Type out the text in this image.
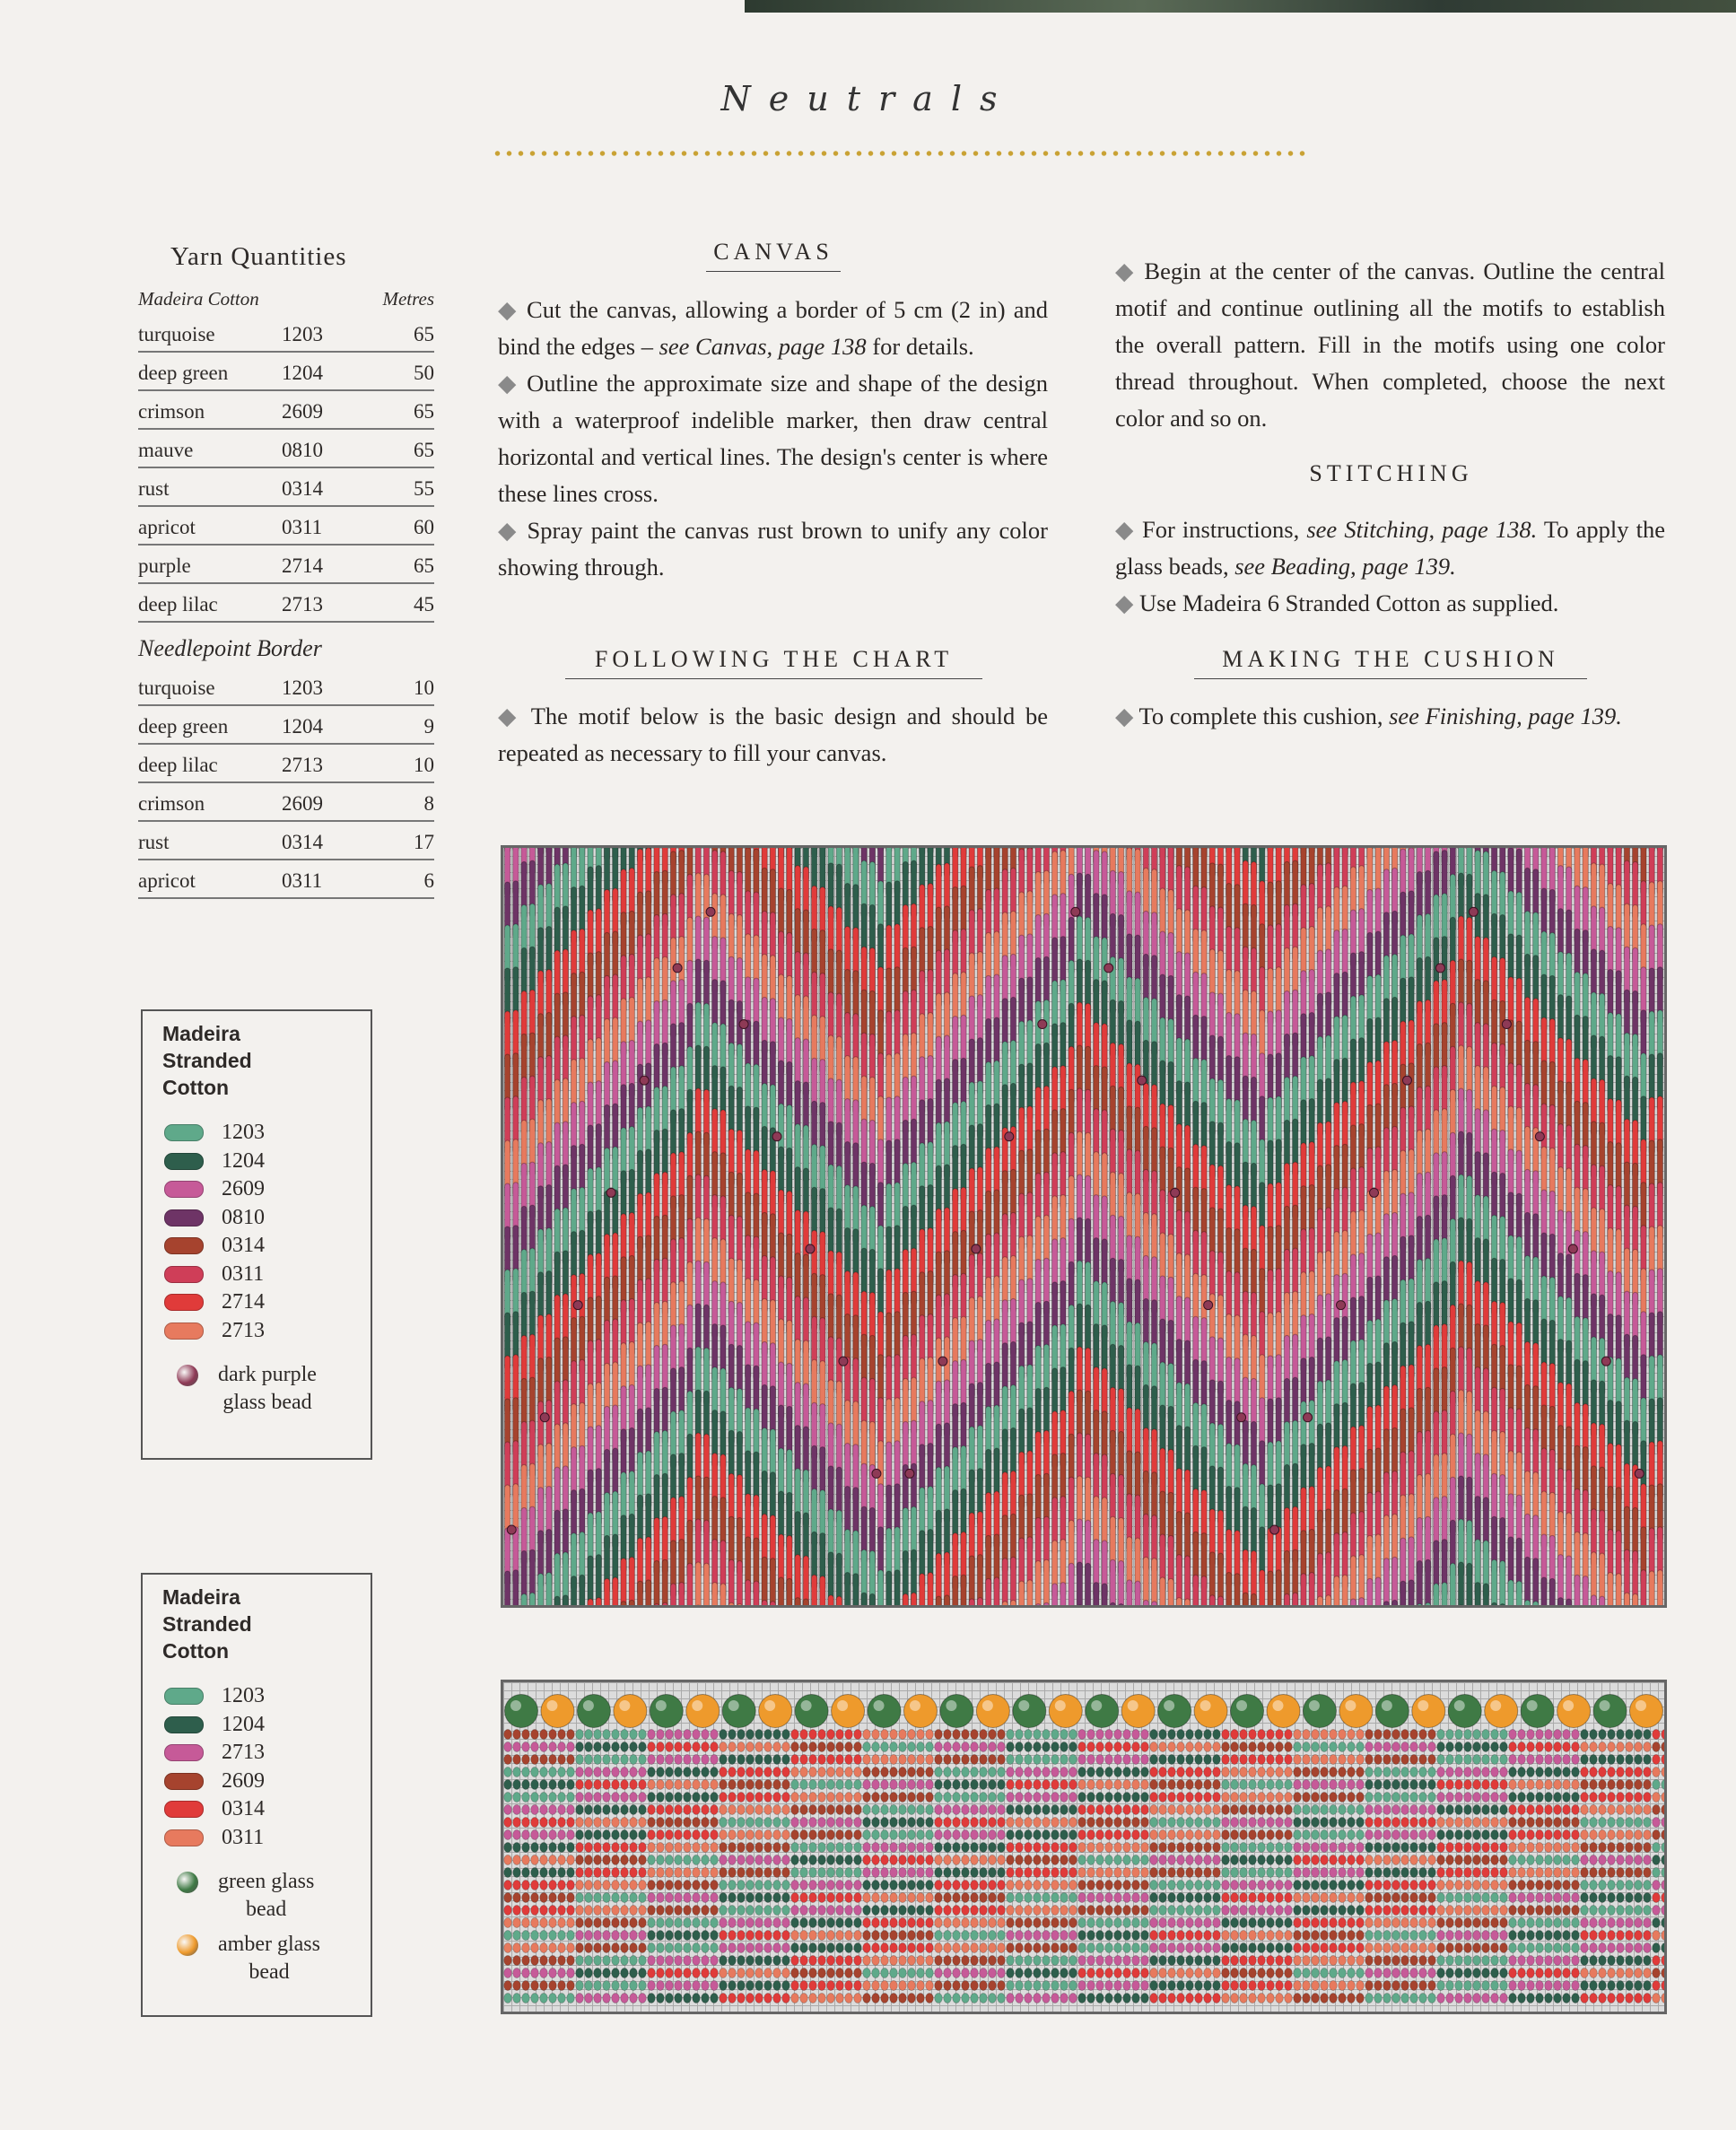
Neutrals
Yarn Quantities
Madeira Cotton	Metres
turquoise	1203	65
deep green	1204	50
crimson	2609	65
mauve	0810	65
rust	0314	55
apricot	0311	60
purple	2714	65
deep lilac	2713	45
Needlepoint Border
turquoise	1203	10
deep green	1204	9
deep lilac	2713	10
crimson	2609	8
rust	0314	17
apricot	0311	6
Madeira
Stranded
Cotton
1203
1204
2609
0810
0314
0311
2714
2713
dark purple
glass bead
Madeira
Stranded
Cotton
1203
1204
2713
2609
0314
0311
green glass
bead
amber glass
bead
CANVAS

◆ Cut the canvas, allowing a border of 5 cm (2 in) and bind the edges – see Canvas, page 138 for details.

◆ Outline the approximate size and shape of the design with a waterproof indelible marker, then draw central horizontal and vertical lines. The design's center is where these lines cross.

◆ Spray paint the canvas rust brown to unify any color showing through.

FOLLOWING THE CHART

◆ The motif below is the basic design and should be repeated as necessary to fill your canvas.

◆ Begin at the center of the canvas. Outline the central motif and continue outlining all the motifs to establish the overall pattern. Fill in the motifs using one color thread throughout. When completed, choose the next color and so on.

STITCHING

◆ For instructions, see Stitching, page 138. To apply the glass beads, see Beading, page 139.

◆ Use Madeira 6 Stranded Cotton as supplied.

MAKING THE CUSHION

◆ To complete this cushion, see Finishing, page 139.
